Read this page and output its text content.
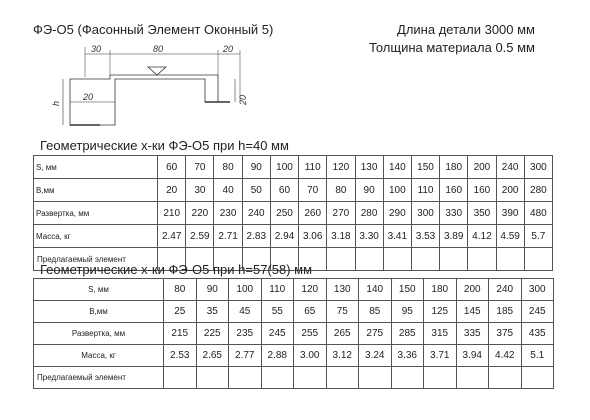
ФЭ-О5 (Фасонный Элемент Оконный 5)	Длина детали 3000 мм
Толщина материала 0.5 мм
30	80	20
20
h	20
Геометрические х-ки ФЭ-О5 при h=40 мм
S, мм	60	70	80	90	100	110	120	130	140	150	180	200	240	300
B,мм	20	30	40	50	60	70	80	90	100	110	160	160	200	280
Развертка, мм	210	220	230	240	250	260	270	280	290	300	330	350	390	480
Масса, кг	2.47	2.59	2.71	2.83	2.94	3.06	3.18	3.30	3.41	3.53	3.89	4.12	4.59	5.7
Предлагаемый элемент														
Геометрические х-ки ФЭ-О5 при h=57(58) мм
S, мм	80	90	100	110	120	130	140	150	180	200	240	300
B,мм	25	35	45	55	65	75	85	95	125	145	185	245
Развертка, мм	215	225	235	245	255	265	275	285	315	335	375	435
Масса, кг	2.53	2.65	2.77	2.88	3.00	3.12	3.24	3.36	3.71	3.94	4.42	5.1
Предлагаемый элемент												
